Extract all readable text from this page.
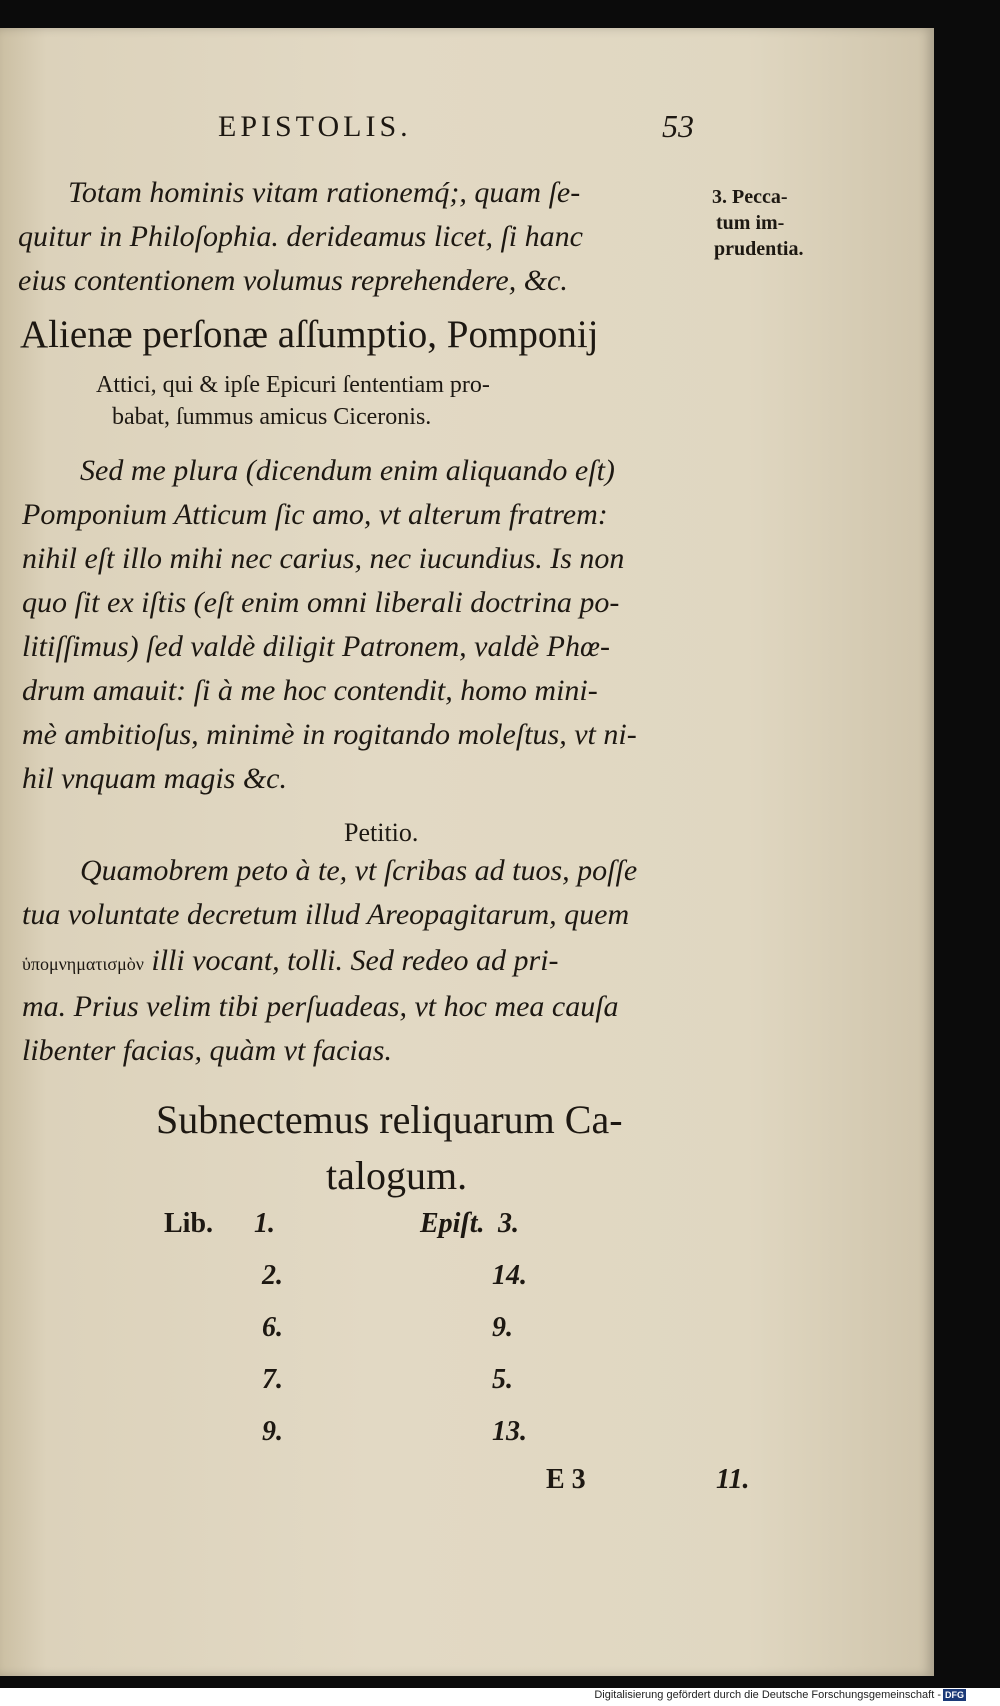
EPISTOLIS.	53
3. Pecca-
tum im-
prudentia.
Totam hominis vitam rationemq́;, quam ſe-
quitur in Philoſophia. derideamus licet, ſi hanc
eius contentionem volumus reprehendere, &c.
Alienæ perſonæ aſſumptio, Pomponij
Attici, qui & ipſe Epicuri ſententiam pro-
babat, ſummus amicus Ciceronis.
Sed me plura (dicendum enim aliquando eſt)
Pomponium Atticum ſic amo, vt alterum fratrem:
nihil eſt illo mihi nec carius, nec iucundius. Is non
quo ſit ex iſtis (eſt enim omni liberali doctrina po-
litiſſimus) ſed valdè diligit Patronem, valdè Phœ-
drum amauit: ſi à me hoc contendit, homo mini-
mè ambitioſus, minimè in rogitando moleſtus, vt ni-
hil vnquam magis &c.
Petitio.
Quamobrem peto à te, vt ſcribas ad tuos, poſſe
tua voluntate decretum illud Areopagitarum, quem
ὑπομνηματισμὸν illi vocant, tolli. Sed redeo ad pri-
ma. Prius velim tibi perſuadeas, vt hoc mea cauſa
libenter facias, quàm vt facias.
Subnectemus reliquarum Ca-
talogum.
Lib.	Epiſt.
1.	3.
2.	14.
6.	9.
7.	5.
9.	13.
E 3	11.
Digitalisierung gefördert durch die Deutsche Forschungsgemeinschaft - DFG
